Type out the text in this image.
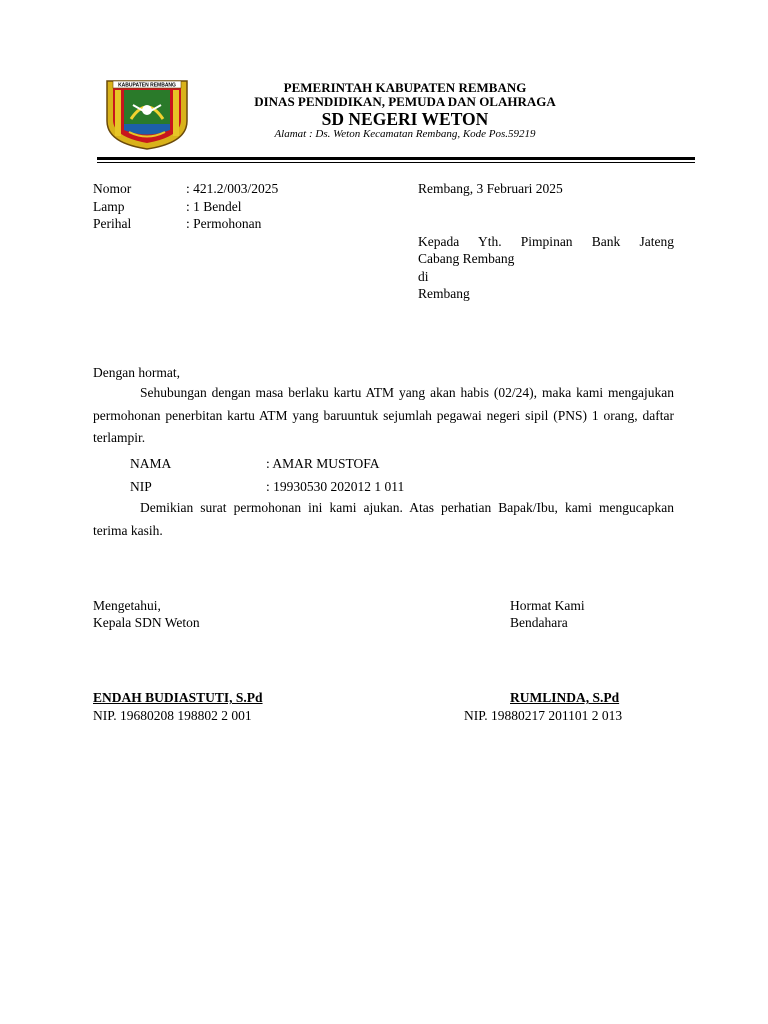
KABUPATEN REMBANG	PEMERINTAH KABUPATEN REMBANG
DINAS PENDIDIKAN, PEMUDA DAN OLAHRAGA
SD NEGERI WETON
Alamat : Ds. Weton Kecamatan Rembang, Kode Pos.59219
Nomor	: 421.2/003/2025
Lamp	: 1 Bendel
Perihal	: Permohonan
Rembang, 3 Februari 2025
Kepada Yth. Pimpinan Bank Jateng
Cabang Rembang
di
Rembang
Dengan hormat,
Sehubungan dengan masa berlaku kartu ATM yang akan habis (02/24), maka kami mengajukan permohonan penerbitan kartu ATM yang baruuntuk sejumlah pegawai negeri sipil (PNS) 1 orang, daftar terlampir.
NAMA	: AMAR MUSTOFA
NIP	: 19930530 202012 1 011
Demikian surat permohonan ini kami ajukan. Atas perhatian Bapak/Ibu, kami mengucapkan terima kasih.
Mengetahui,
Kepala SDN Weton
Hormat Kami
Bendahara
ENDAH BUDIASTUTI, S.Pd
NIP. 19680208 198802 2 001
RUMLINDA, S.Pd
NIP. 19880217 201101 2 013
